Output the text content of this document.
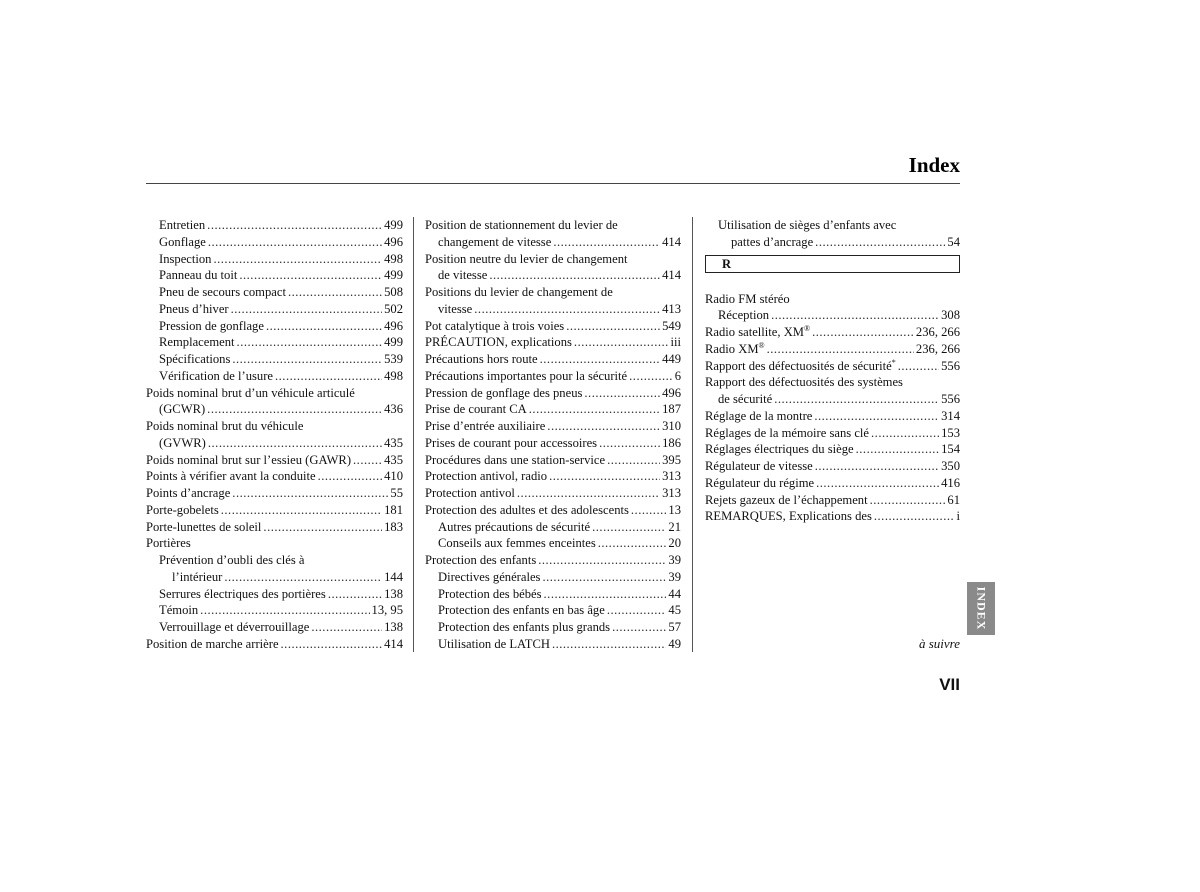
Index
Entretien .....	499
Gonflage .....	496
Inspection .....	498
Panneau du toit .....	499
Pneu de secours compact .....	508
Pneus d’hiver .....	502
Pression de gonflage .....	496
Remplacement .....	499
Spécifications .....	539
Vérification de l’usure .....	498
Poids nominal brut d’un véhicule articulé
(GCWR) .....	436
Poids nominal brut du véhicule
(GVWR) .....	435
Poids nominal brut sur l’essieu (GAWR) .....	435
Points à vérifier avant la conduite .....	410
Points d’ancrage .....	55
Porte-gobelets .....	181
Porte-lunettes de soleil .....	183
Portières
Prévention d’oubli des clés à
l’intérieur .....	144
Serrures électriques des portières .....	138
Témoin .....	13, 95
Verrouillage et déverrouillage .....	138
Position de marche arrière .....	414
Position de stationnement du levier de
changement de vitesse .....	414
Position neutre du levier de changement
de vitesse .....	414
Positions du levier de changement de
vitesse .....	413
Pot catalytique à trois voies .....	549
PRÉCAUTION, explications .....	iii
Précautions hors route .....	449
Précautions importantes pour la sécurité .....	6
Pression de gonflage des pneus .....	496
Prise de courant CA .....	187
Prise d’entrée auxiliaire .....	310
Prises de courant pour accessoires .....	186
Procédures dans une station-service .....	395
Protection antivol, radio .....	313
Protection antivol .....	313
Protection des adultes et des adolescents .....	13
Autres précautions de sécurité .....	21
Conseils aux femmes enceintes .....	20
Protection des enfants .....	39
Directives générales .....	39
Protection des bébés .....	44
Protection des enfants en bas âge .....	45
Protection des enfants plus grands .....	57
Utilisation de LATCH .....	49
Utilisation de sièges d’enfants avec
pattes d’ancrage .....	54
R
Radio FM stéréo
Réception .....	308
Radio satellite, XM® .....	236, 266
Radio XM® .....	236, 266
Rapport des défectuosités de sécurité* .....	556
Rapport des défectuosités des systèmes
de sécurité .....	556
Réglage de la montre .....	314
Réglages de la mémoire sans clé .....	153
Réglages électriques du siège .....	154
Régulateur de vitesse .....	350
Régulateur du régime .....	416
Rejets gazeux de l’échappement .....	61
REMARQUES, Explications des .....	i
INDEX
à suivre
VII
